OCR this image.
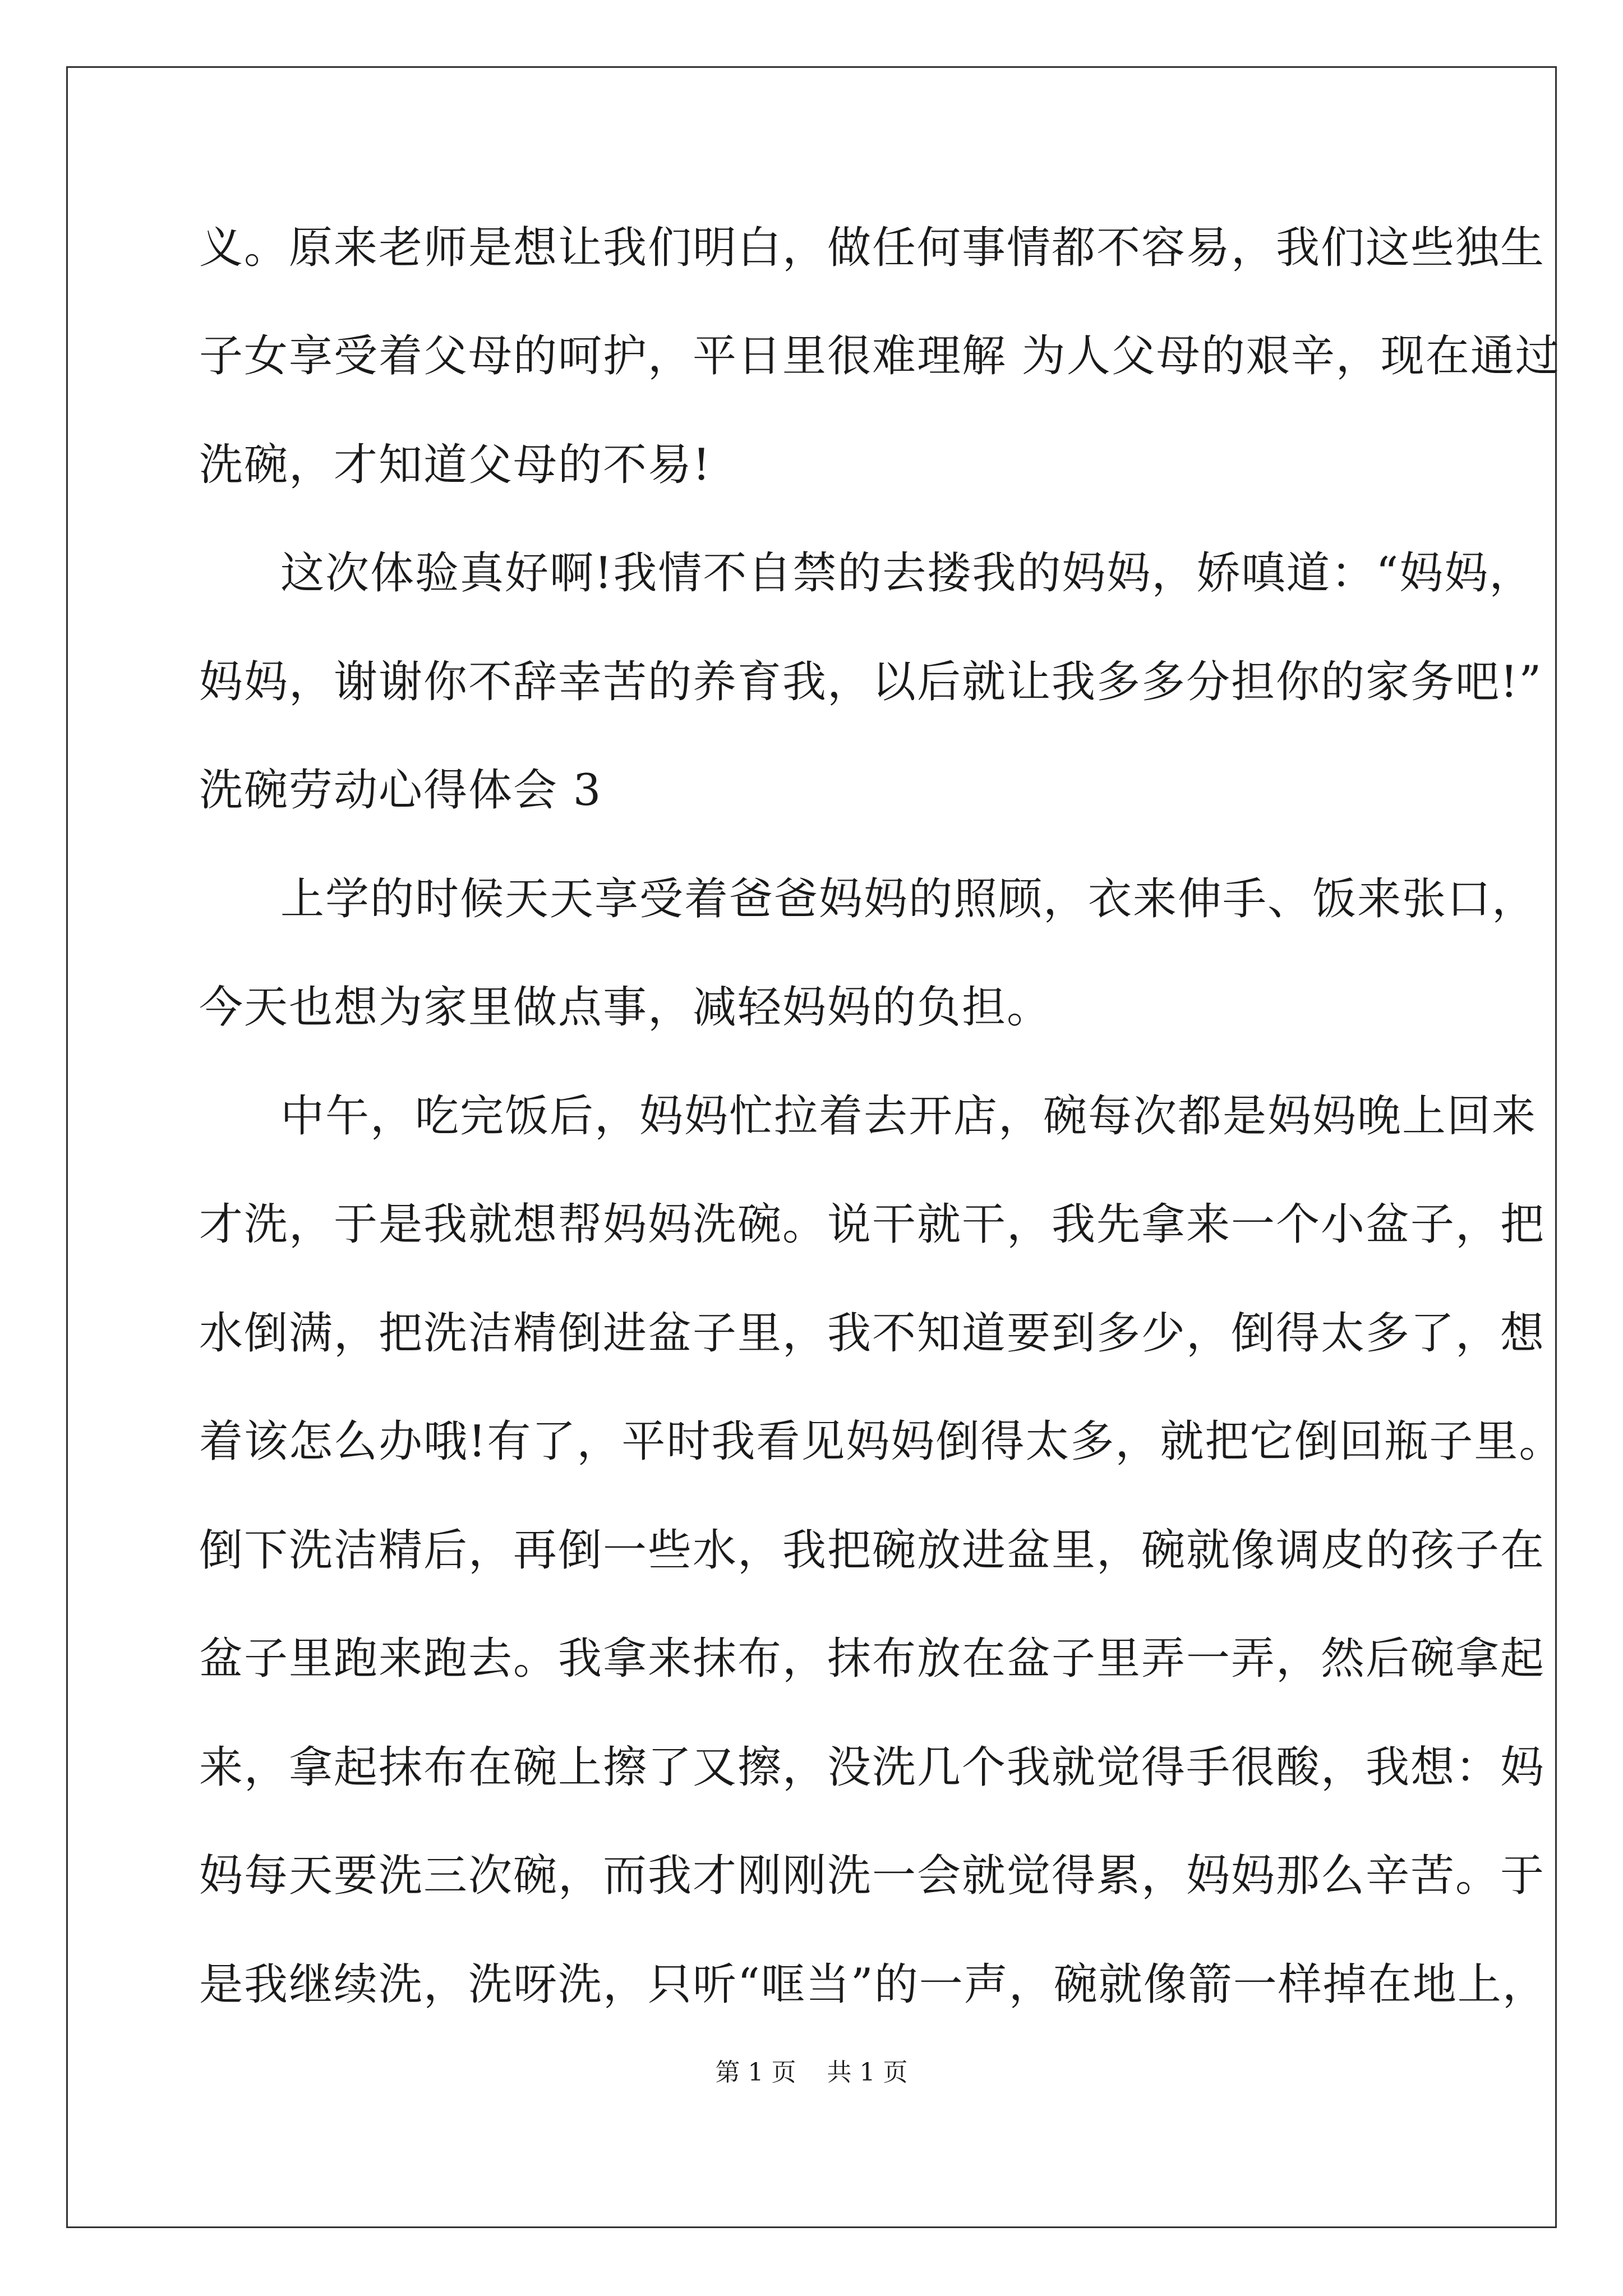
义。原来老师是想让我们明白，做任何事情都不容易，我们这些独生
子女享受着父母的呵护，平日里很难理解 为人父母的艰辛，现在通过
洗碗，才知道父母的不易!
这次体验真好啊!我情不自禁的去搂我的妈妈，娇嗔道：“妈妈，
妈妈，谢谢你不辞幸苦的养育我，以后就让我多多分担你的家务吧!”
洗碗劳动心得体会 3
上学的时候天天享受着爸爸妈妈的照顾，衣来伸手、饭来张口，
今天也想为家里做点事，减轻妈妈的负担。
中午，吃完饭后，妈妈忙拉着去开店，碗每次都是妈妈晚上回来
才洗，于是我就想帮妈妈洗碗。说干就干，我先拿来一个小盆子，把
水倒满，把洗洁精倒进盆子里，我不知道要到多少，倒得太多了，想
着该怎么办哦!有了，平时我看见妈妈倒得太多，就把它倒回瓶子里。
倒下洗洁精后，再倒一些水，我把碗放进盆里，碗就像调皮的孩子在
盆子里跑来跑去。我拿来抹布，抹布放在盆子里弄一弄，然后碗拿起
来，拿起抹布在碗上擦了又擦，没洗几个我就觉得手很酸，我想：妈
妈每天要洗三次碗，而我才刚刚洗一会就觉得累，妈妈那么辛苦。于
是我继续洗，洗呀洗，只听“哐当”的一声，碗就像箭一样掉在地上，
第 1 页 共 1 页
